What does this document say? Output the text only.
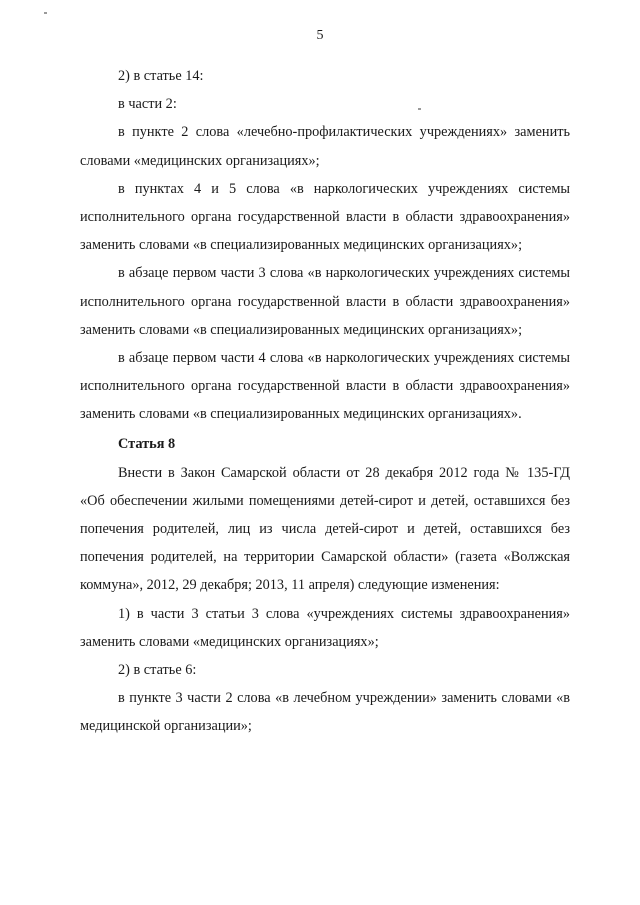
5

2) в статье 14:

в части 2:

в пункте 2 слова «лечебно-профилактических учреждениях» заменить словами «медицинских организациях»;

в пунктах 4 и 5 слова «в наркологических учреждениях системы исполнительного органа государственной власти в области здравоохранения» заменить словами «в специализированных медицинских организациях»;

в абзаце первом части 3 слова «в наркологических учреждениях системы исполнительного органа государственной власти в области здравоохранения» заменить словами «в специализированных медицинских организациях»;

в абзаце первом части 4 слова «в наркологических учреждениях системы исполнительного органа государственной власти в области здравоохранения» заменить словами «в специализированных медицинских организациях».

Статья 8

Внести в Закон Самарской области от 28 декабря 2012 года № 135-ГД «Об обеспечении жилыми помещениями детей-сирот и детей, оставшихся без попечения родителей, лиц из числа детей-сирот и детей, оставшихся без попечения родителей, на территории Самарской области» (газета «Волжская коммуна», 2012, 29 декабря; 2013, 11 апреля) следующие изменения:

1) в части 3 статьи 3 слова «учреждениях системы здравоохранения» заменить словами «медицинских организациях»;

2) в статье 6:

в пункте 3 части 2 слова «в лечебном учреждении» заменить словами «в медицинской организации»;
